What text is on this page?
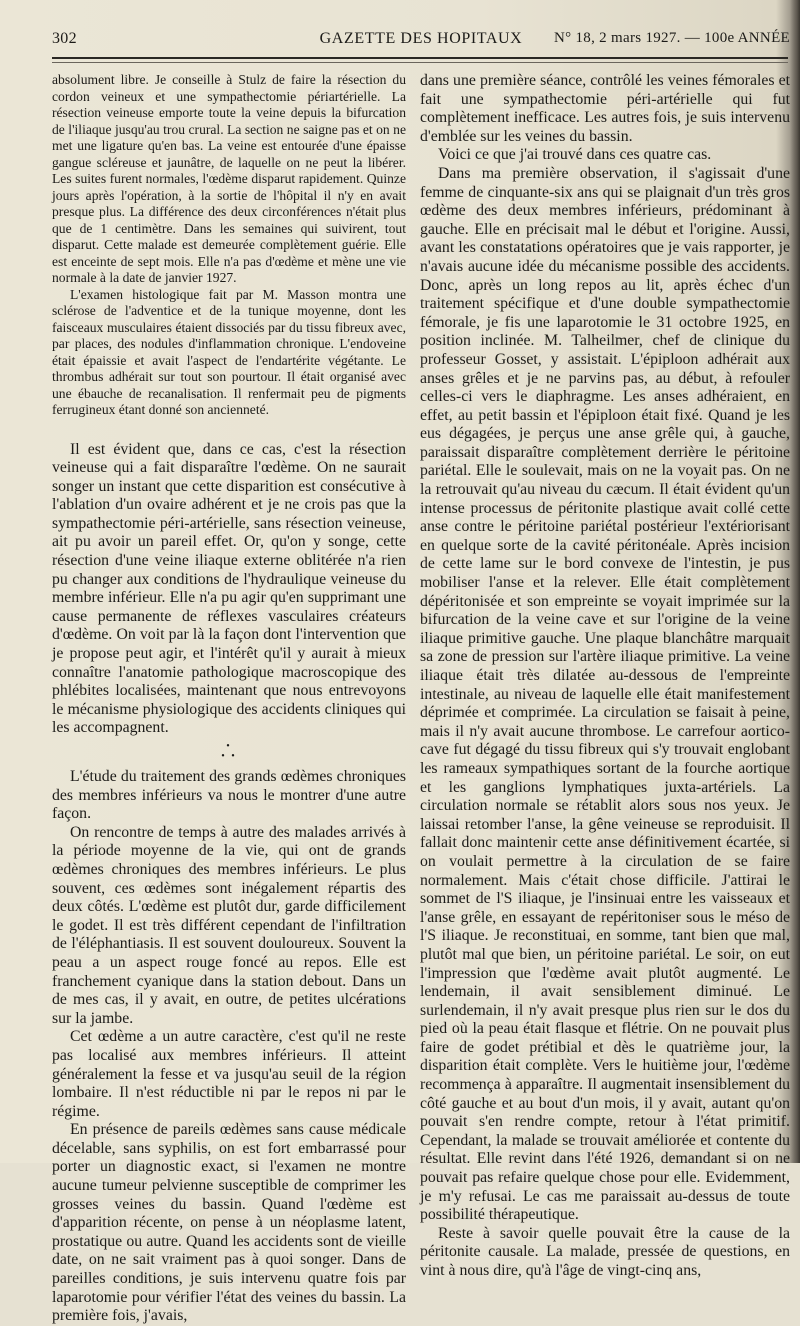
302	GAZETTE DES HOPITAUX	N° 18, 2 mars 1927. — 100e ANNÉE

absolument libre. Je conseille à Stulz de faire la résection du cordon veineux et une sympathectomie périartérielle. La résection veineuse emporte toute la veine depuis la bifurcation de l'iliaque jusqu'au trou crural. La section ne saigne pas et on ne met une ligature qu'en bas. La veine est entourée d'une épaisse gangue scléreuse et jaunâtre, de laquelle on ne peut la libérer. Les suites furent normales, l'œdème disparut rapidement. Quinze jours après l'opération, à la sortie de l'hôpital il n'y en avait presque plus. La différence des deux circonférences n'était plus que de 1 centimètre. Dans les semaines qui suivirent, tout disparut. Cette malade est demeurée complètement guérie. Elle est enceinte de sept mois. Elle n'a pas d'œdème et mène une vie normale à la date de janvier 1927.

L'examen histologique fait par M. Masson montra une sclérose de l'adventice et de la tunique moyenne, dont les faisceaux musculaires étaient dissociés par du tissu fibreux avec, par places, des nodules d'inflammation chronique. L'endoveine était épaissie et avait l'aspect de l'endartérite végétante. Le thrombus adhérait sur tout son pourtour. Il était organisé avec une ébauche de recanalisation. Il renfermait peu de pigments ferrugineux étant donné son ancienneté.

Il est évident que, dans ce cas, c'est la résection veineuse qui a fait disparaître l'œdème. On ne saurait songer un instant que cette disparition est consécutive à l'ablation d'un ovaire adhérent et je ne crois pas que la sympathectomie péri-artérielle, sans résection veineuse, ait pu avoir un pareil effet. Or, qu'on y songe, cette résection d'une veine iliaque externe oblitérée n'a rien pu changer aux conditions de l'hydraulique veineuse du membre inférieur. Elle n'a pu agir qu'en supprimant une cause permanente de réflexes vasculaires créateurs d'œdème. On voit par là la façon dont l'intervention que je propose peut agir, et l'intérêt qu'il y aurait à mieux connaître l'anatomie pathologique macroscopique des phlébites localisées, maintenant que nous entrevoyons le mécanisme physiologique des accidents cliniques qui les accompagnent.

•
• •

L'étude du traitement des grands œdèmes chroniques des membres inférieurs va nous le montrer d'une autre façon.

On rencontre de temps à autre des malades arrivés à la période moyenne de la vie, qui ont de grands œdèmes chroniques des membres inférieurs. Le plus souvent, ces œdèmes sont inégalement répartis des deux côtés. L'œdème est plutôt dur, garde difficilement le godet. Il est très différent cependant de l'infiltration de l'éléphantiasis. Il est souvent douloureux. Souvent la peau a un aspect rouge foncé au repos. Elle est franchement cyanique dans la station debout. Dans un de mes cas, il y avait, en outre, de petites ulcérations sur la jambe.

Cet œdème a un autre caractère, c'est qu'il ne reste pas localisé aux membres inférieurs. Il atteint généralement la fesse et va jusqu'au seuil de la région lombaire. Il n'est réductible ni par le repos ni par le régime.

En présence de pareils œdèmes sans cause médicale décelable, sans syphilis, on est fort embarrassé pour porter un diagnostic exact, si l'examen ne montre aucune tumeur pelvienne susceptible de comprimer les grosses veines du bassin. Quand l'œdème est d'apparition récente, on pense à un néoplasme latent, prostatique ou autre. Quand les accidents sont de vieille date, on ne sait vraiment pas à quoi songer. Dans de pareilles conditions, je suis intervenu quatre fois par laparotomie pour vérifier l'état des veines du bassin. La première fois, j'avais,

dans une première séance, contrôlé les veines fémorales et fait une sympathectomie péri-artérielle qui fut complètement inefficace. Les autres fois, je suis intervenu d'emblée sur les veines du bassin.

Voici ce que j'ai trouvé dans ces quatre cas.

Dans ma première observation, il s'agissait d'une femme de cinquante-six ans qui se plaignait d'un très gros œdème des deux membres inférieurs, prédominant à gauche. Elle en précisait mal le début et l'origine. Aussi, avant les constatations opératoires que je vais rapporter, je n'avais aucune idée du mécanisme possible des accidents. Donc, après un long repos au lit, après échec d'un traitement spécifique et d'une double sympathectomie fémorale, je fis une laparotomie le 31 octobre 1925, en position inclinée. M. Talheilmer, chef de clinique du professeur Gosset, y assistait. L'épiploon adhérait aux anses grêles et je ne parvins pas, au début, à refouler celles-ci vers le diaphragme. Les anses adhéraient, en effet, au petit bassin et l'épiploon était fixé. Quand je les eus dégagées, je perçus une anse grêle qui, à gauche, paraissait disparaître complètement derrière le péritoine pariétal. Elle le soulevait, mais on ne la voyait pas. On ne la retrouvait qu'au niveau du cæcum. Il était évident qu'un intense processus de péritonite plastique avait collé cette anse contre le péritoine pariétal postérieur l'extériorisant en quelque sorte de la cavité péritonéale. Après incision de cette lame sur le bord convexe de l'intestin, je pus mobiliser l'anse et la relever. Elle était complètement dépéritonisée et son empreinte se voyait imprimée sur la bifurcation de la veine cave et sur l'origine de la veine iliaque primitive gauche. Une plaque blanchâtre marquait sa zone de pression sur l'artère iliaque primitive. La veine iliaque était très dilatée au-dessous de l'empreinte intestinale, au niveau de laquelle elle était manifestement déprimée et comprimée. La circulation se faisait à peine, mais il n'y avait aucune thrombose. Le carrefour aortico-cave fut dégagé du tissu fibreux qui s'y trouvait englobant les rameaux sympathiques sortant de la fourche aortique et les ganglions lymphatiques juxta-artériels. La circulation normale se rétablit alors sous nos yeux. Je laissai retomber l'anse, la gêne veineuse se reproduisit. Il fallait donc maintenir cette anse définitivement écartée, si on voulait permettre à la circulation de se faire normalement. Mais c'était chose difficile. J'attirai le sommet de l'S iliaque, je l'insinuai entre les vaisseaux et l'anse grêle, en essayant de repéritoniser sous le méso de l'S iliaque. Je reconstituai, en somme, tant bien que mal, plutôt mal que bien, un péritoine pariétal. Le soir, on eut l'impression que l'œdème avait plutôt augmenté. Le lendemain, il avait sensiblement diminué. Le surlendemain, il n'y avait presque plus rien sur le dos du pied où la peau était flasque et flétrie. On ne pouvait plus faire de godet prétibial et dès le quatrième jour, la disparition était complète. Vers le huitième jour, l'œdème recommença à apparaître. Il augmentait insensiblement du côté gauche et au bout d'un mois, il y avait, autant qu'on pouvait s'en rendre compte, retour à l'état primitif. Cependant, la malade se trouvait améliorée et contente du résultat. Elle revint dans l'été 1926, demandant si on ne pouvait pas refaire quelque chose pour elle. Evidemment, je m'y refusai. Le cas me paraissait au-dessus de toute possibilité thérapeutique.

Reste à savoir quelle pouvait être la cause de la péritonite causale. La malade, pressée de questions, en vint à nous dire, qu'à l'âge de vingt-cinq ans,
